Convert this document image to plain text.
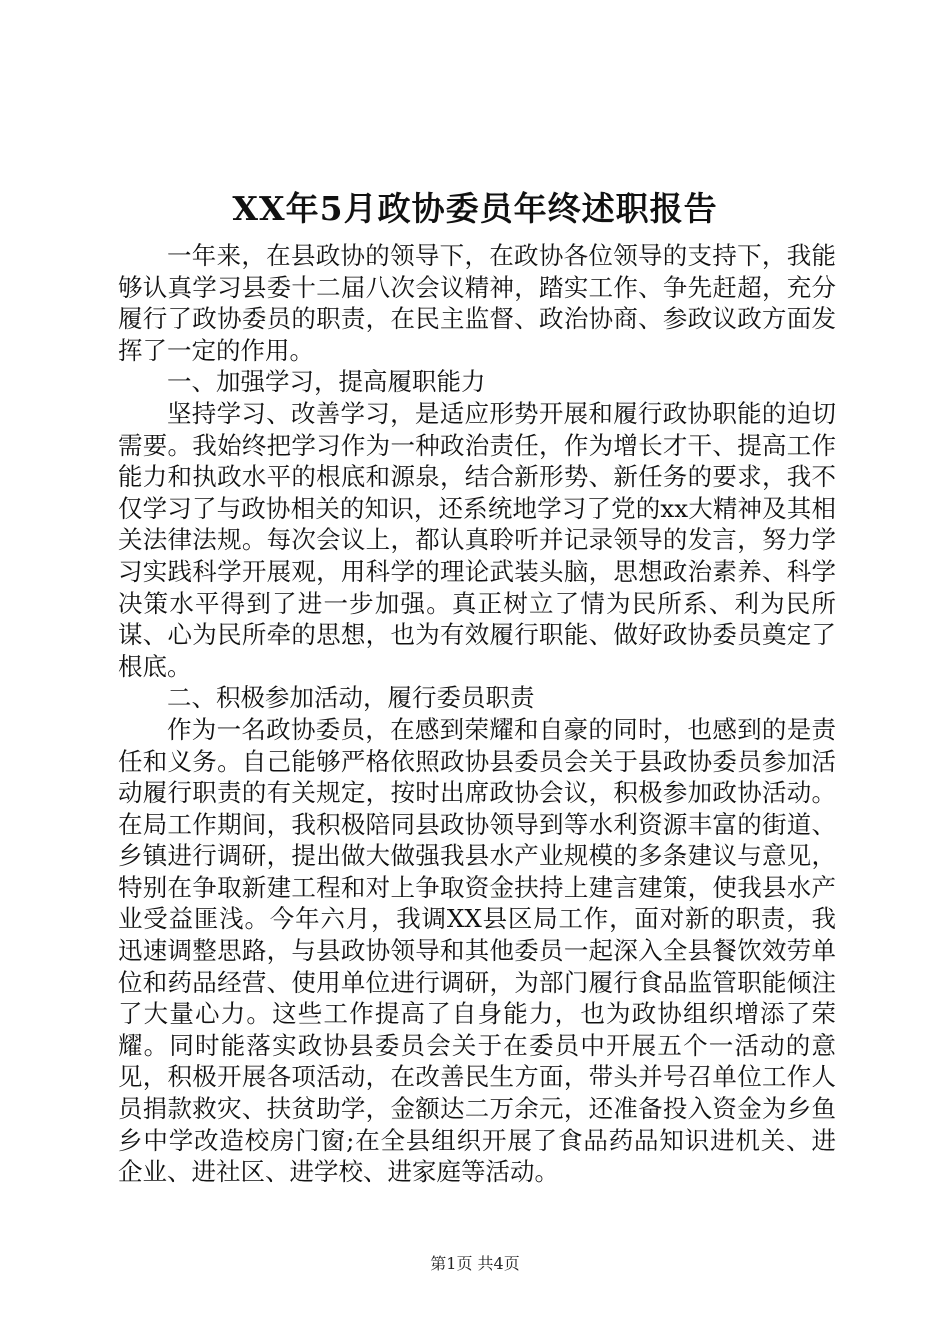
XX年5月政协委员年终述职报告

一年来，在县政协的领导下，在政协各位领导的支持下，我能够认真学习县委十二届八次会议精神，踏实工作、争先赶超，充分履行了政协委员的职责，在民主监督、政治协商、参政议政方面发挥了一定的作用。

一、加强学习，提高履职能力

坚持学习、改善学习，是适应形势开展和履行政协职能的迫切需要。我始终把学习作为一种政治责任，作为增长才干、提高工作能力和执政水平的根底和源泉，结合新形势、新任务的要求，我不仅学习了与政协相关的知识，还系统地学习了党的xx大精神及其相关法律法规。每次会议上，都认真聆听并记录领导的发言，努力学习实践科学开展观，用科学的理论武装头脑，思想政治素养、科学决策水平得到了进一步加强。真正树立了情为民所系、利为民所谋、心为民所牵的思想，也为有效履行职能、做好政协委员奠定了根底。

二、积极参加活动，履行委员职责

作为一名政协委员，在感到荣耀和自豪的同时，也感到的是责任和义务。自己能够严格依照政协县委员会关于县政协委员参加活动履行职责的有关规定，按时出席政协会议，积极参加政协活动。在局工作期间，我积极陪同县政协领导到等水利资源丰富的街道、乡镇进行调研，提出做大做强我县水产业规模的多条建议与意见，特别在争取新建工程和对上争取资金扶持上建言建策，使我县水产业受益匪浅。今年六月，我调XX县区局工作，面对新的职责，我迅速调整思路，与县政协领导和其他委员一起深入全县餐饮效劳单位和药品经营、使用单位进行调研，为部门履行食品监管职能倾注了大量心力。这些工作提高了自身能力，也为政协组织增添了荣耀。同时能落实政协县委员会关于在委员中开展五个一活动的意见，积极开展各项活动，在改善民生方面，带头并号召单位工作人员捐款救灾、扶贫助学，金额达二万余元，还准备投入资金为乡鱼乡中学改造校房门窗;在全县组织开展了食品药品知识进机关、进企业、进社区、进学校、进家庭等活动。

第1页 共4页
